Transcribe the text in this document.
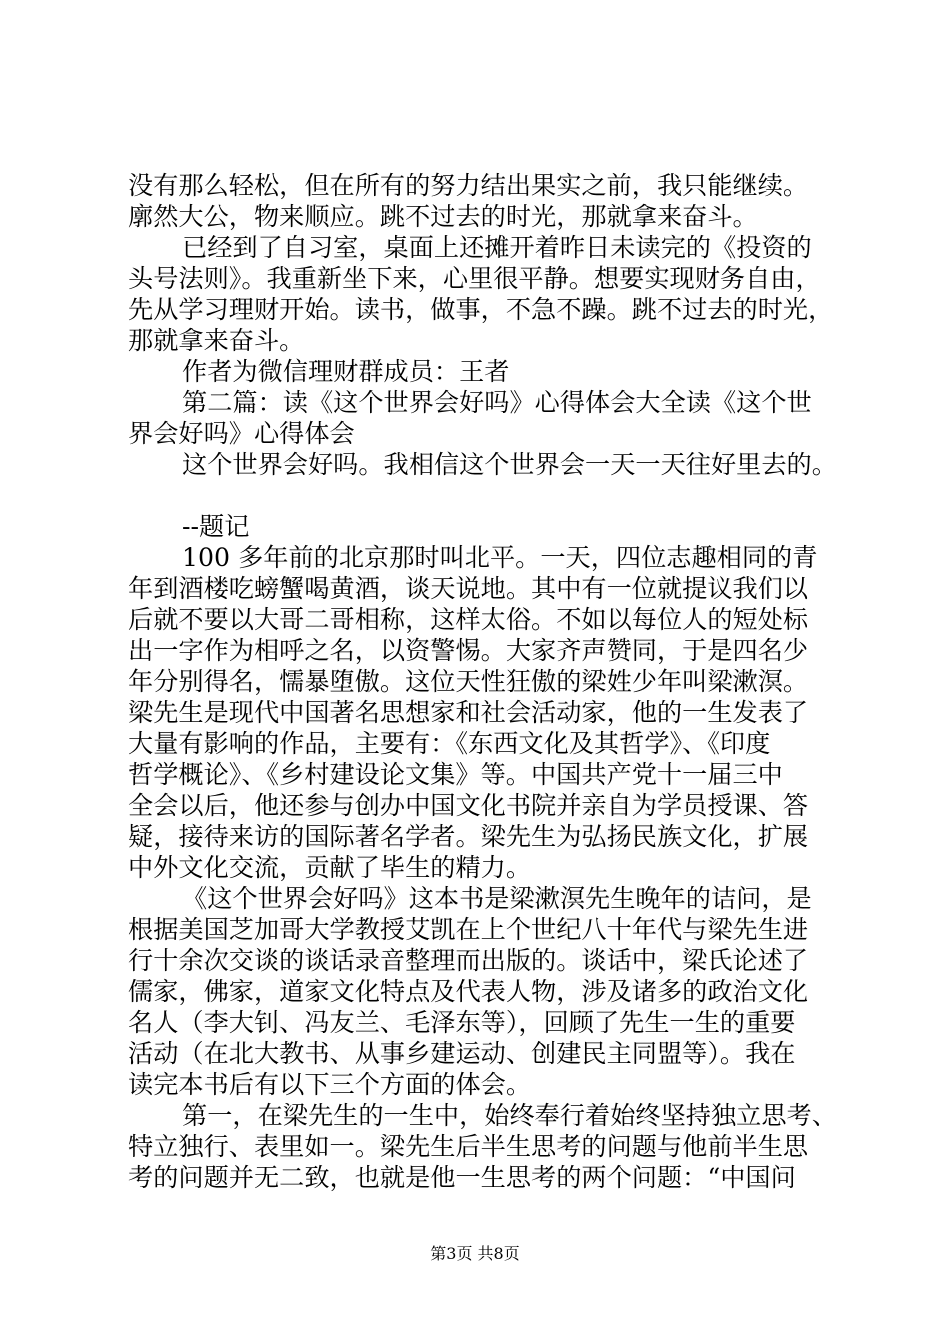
没有那么轻松，但在所有的努力结出果实之前，我只能继续。
廓然大公，物来顺应。跳不过去的时光，那就拿来奋斗。
已经到了自习室，桌面上还摊开着昨日未读完的《投资的
头号法则》。我重新坐下来，心里很平静。想要实现财务自由，
先从学习理财开始。读书，做事，不急不躁。跳不过去的时光，
那就拿来奋斗。
作者为微信理财群成员：王者
第二篇：读《这个世界会好吗》心得体会大全读《这个世
界会好吗》心得体会
这个世界会好吗。我相信这个世界会一天一天往好里去的。
--题记
100 多年前的北京那时叫北平。一天，四位志趣相同的青
年到酒楼吃螃蟹喝黄酒，谈天说地。其中有一位就提议我们以
后就不要以大哥二哥相称，这样太俗。不如以每位人的短处标
出一字作为相呼之名，以资警惕。大家齐声赞同，于是四名少
年分别得名，懦暴堕傲。这位天性狂傲的梁姓少年叫梁漱溟。
梁先生是现代中国著名思想家和社会活动家，他的一生发表了
大量有影响的作品，主要有：《东西文化及其哲学》、《印度
哲学概论》、《乡村建设论文集》等。中国共产党十一届三中
全会以后，他还参与创办中国文化书院并亲自为学员授课、答
疑，接待来访的国际著名学者。梁先生为弘扬民族文化，扩展
中外文化交流，贡献了毕生的精力。
《这个世界会好吗》这本书是梁漱溟先生晚年的诘问，是
根据美国芝加哥大学教授艾凯在上个世纪八十年代与梁先生进
行十余次交谈的谈话录音整理而出版的。谈话中，梁氏论述了
儒家，佛家，道家文化特点及代表人物，涉及诸多的政治文化
名人（李大钊、冯友兰、毛泽东等），回顾了先生一生的重要
活动（在北大教书、从事乡建运动、创建民主同盟等）。我在
读完本书后有以下三个方面的体会。
第一，在梁先生的一生中，始终奉行着始终坚持独立思考、
特立独行、表里如一。梁先生后半生思考的问题与他前半生思
考的问题并无二致，也就是他一生思考的两个问题：“中国问
第3页 共8页
